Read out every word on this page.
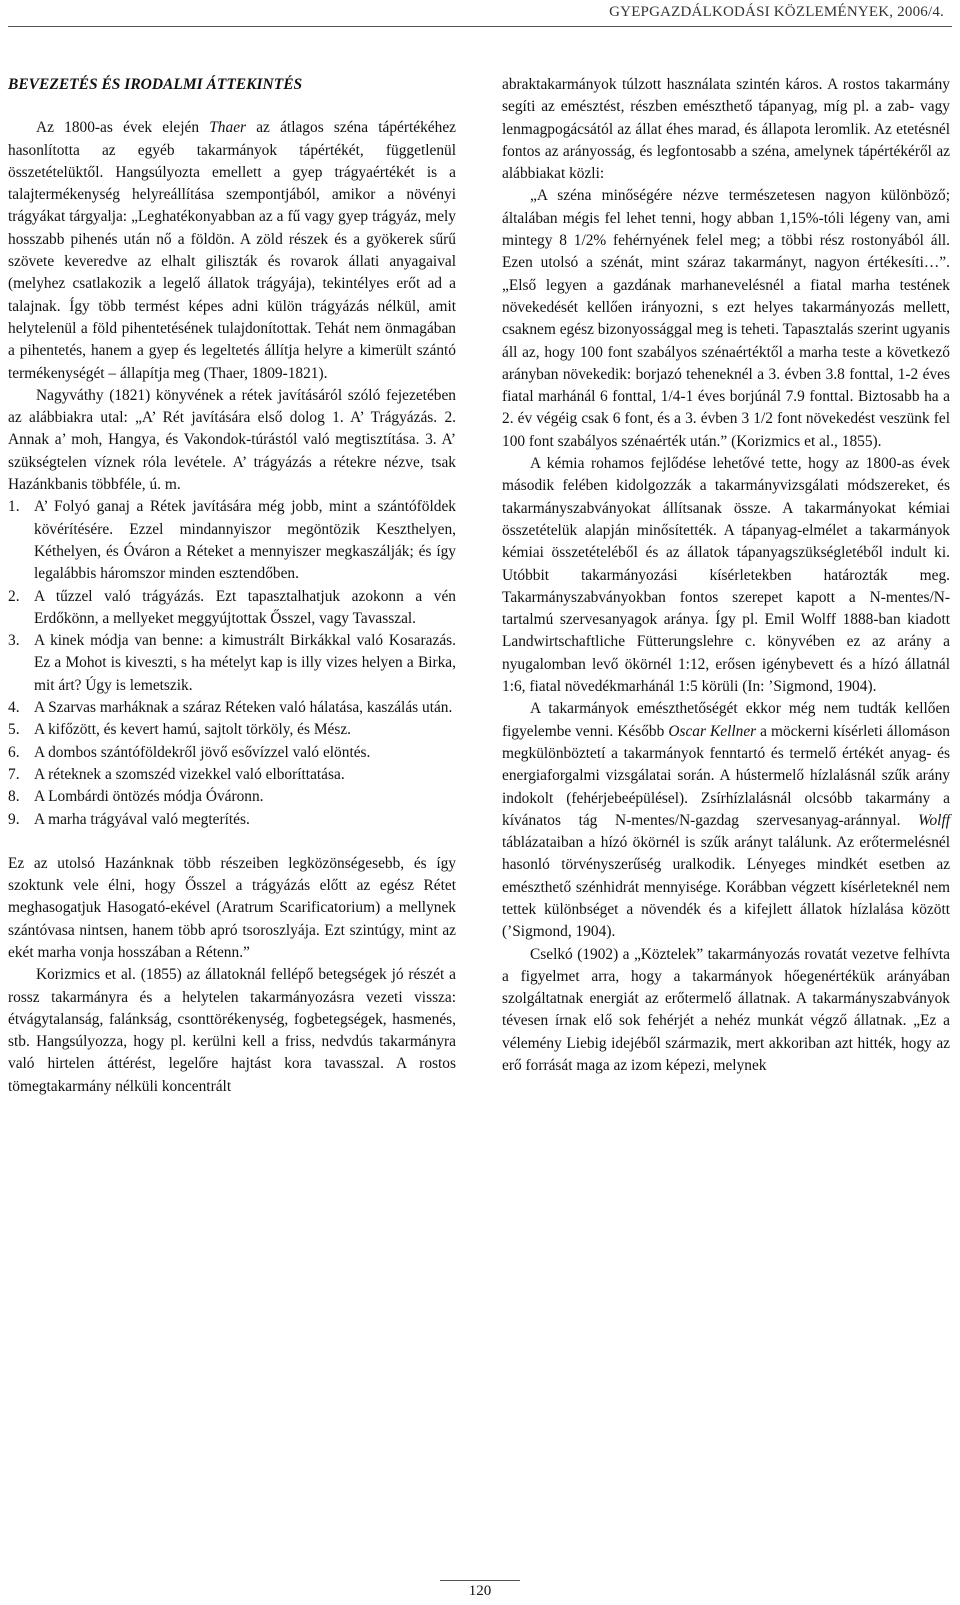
GYEPGAZDÁLKODÁSI KÖZLEMÉNYEK, 2006/4.
BEVEZETÉS ÉS IRODALMI ÁTTEKINTÉS

Az 1800-as évek elején Thaer az átlagos széna tápértékéhez hasonlította az egyéb takarmányok tápértékét, függetlenül összetételüktől. Hangsúlyozta emellett a gyep trágyaértékét is a talajtermékenység helyreállítása szempontjából, amikor a növényi trágyákat tárgyalja: „Leghatékonyabban az a fű vagy gyep trágyáz, mely hosszabb pihenés után nő a földön. A zöld részek és a gyökerek sűrű szövete keveredve az elhalt giliszták és rovarok állati anyagaival (melyhez csatlakozik a legelő állatok trágyája), tekintélyes erőt ad a talajnak. Így több termést képes adni külön trágyázás nélkül, amit helytelenül a föld pihentetésének tulajdonítottak. Tehát nem önmagában a pihentetés, hanem a gyep és legeltetés állítja helyre a kimerült szántó termékenységét – állapítja meg (Thaer, 1809-1821).

Nagyváthy (1821) könyvének a rétek javításáról szóló fejezetében az alábbiakra utal: „A’ Rét javítására első dolog 1. A’ Trágyázás. 2. Annak a’ moh, Hangya, és Vakondok-túrástól való megtisztítása. 3. A’ szükségtelen víznek róla levétele. A’ trágyázás a rétekre nézve, tsak Hazánkbanis többféle, ú. m.

1. A’ Folyó ganaj a Rétek javítására még jobb, mint a szántóföldek kövérítésére. Ezzel mindannyiszor megöntözik Keszthelyen, Kéthelyen, és Óváron a Réteket a mennyiszer megkaszálják; és így legalábbis háromszor minden esztendőben.
2. A tűzzel való trágyázás. Ezt tapasztalhatjuk azokonn a vén Erdőkönn, a mellyeket meggyújtottak Ősszel, vagy Tavasszal.
3. A kinek módja van benne: a kimustrált Birkákkal való Kosarazás. Ez a Mohot is kiveszti, s ha mételyt kap is illy vizes helyen a Birka, mit árt? Úgy is lemetszik.
4. A Szarvas marháknak a száraz Réteken való hálatása, kaszálás után.
5. A kifőzött, és kevert hamú, sajtolt törköly, és Mész.
6. A dombos szántóföldekről jövő esővízzel való elöntés.
7. A réteknek a szomszéd vizekkel való elboríttatása.
8. A Lombárdi öntözés módja Óváronn.
9. A marha trágyával való megterítés.

Ez az utolsó Hazánknak több részeiben legközönségesebb, és így szoktunk vele élni, hogy Ősszel a trágyázás előtt az egész Rétet meghasogatjuk Hasogató-ekével (Aratrum Scarificatorium) a mellynek szántóvasa nintsen, hanem több apró tsoroszlyája. Ezt szintúgy, mint az ekét marha vonja hosszában a Rétenn.”

Korizmics et al. (1855) az állatoknál fellépő betegségek jó részét a rossz takarmányra és a helytelen takarmányozásra vezeti vissza: étvágytalanság, falánkság, csonttörékenység, fogbetegségek, hasmenés, stb. Hangsúlyozza, hogy pl. kerülni kell a friss, nedvdús takarmányra való hirtelen áttérést, legelőre hajtást kora tavasszal. A rostos tömegtakarmány nélküli koncentrált

abraktakarmányok túlzott használata szintén káros. A rostos takarmány segíti az emésztést, részben emészthető tápanyag, míg pl. a zab- vagy lenmagpogácsától az állat éhes marad, és állapota leromlik. Az etetésnél fontos az arányosság, és legfontosabb a széna, amelynek tápértékéről az alábbiakat közli:

„A széna minőségére nézve természetesen nagyon különböző; általában mégis fel lehet tenni, hogy abban 1,15%-tóli légeny van, ami mintegy 8 1/2% fehérnyének felel meg; a többi rész rostonyából áll. Ezen utolsó a szénát, mint száraz takarmányt, nagyon értékesíti…”. „Első legyen a gazdának marhanevelésnél a fiatal marha testének növekedését kellően irányozni, s ezt helyes takarmányozás mellett, csaknem egész bizonyossággal meg is teheti. Tapasztalás szerint ugyanis áll az, hogy 100 font szabályos szénaértéktől a marha teste a következő arányban növekedik: borjazó teheneknél a 3. évben 3.8 fonttal, 1-2 éves fiatal marhánál 6 fonttal, 1/4-1 éves borjúnál 7.9 fonttal. Biztosabb ha a 2. év végéig csak 6 font, és a 3. évben 3 1/2 font növekedést veszünk fel 100 font szabályos szénaérték után.” (Korizmics et al., 1855).

A kémia rohamos fejlődése lehetővé tette, hogy az 1800-as évek második felében kidolgozzák a takarmányvizsgálati módszereket, és takarmányszabványokat állítsanak össze. A takarmányokat kémiai összetételük alapján minősítették. A tápanyag-elmélet a takarmányok kémiai összetételéből és az állatok tápanyagszükségletéből indult ki. Utóbbit takarmányozási kísérletekben határozták meg. Takarmányszabványokban fontos szerepet kapott a N-mentes/N-tartalmú szervesanyagok aránya. Így pl. Emil Wolff 1888-ban kiadott Landwirtschaftliche Fütterungslehre c. könyvében ez az arány a nyugalomban levő ökörnél 1:12, erősen igénybevett és a hízó állatnál 1:6, fiatal növedékmarhánál 1:5 körüli (In: ’Sigmond, 1904).

A takarmányok emészthetőségét ekkor még nem tudták kellően figyelembe venni. Később Oscar Kellner a möckerni kísérleti állomáson megkülönböztetí a takarmányok fenntartó és termelő értékét anyag- és energiaforgalmi vizsgálatai során. A hústermelő hízlalásnál szűk arány indokolt (fehérjebeépülésel). Zsírhízlalásnál olcsóbb takarmány a kívánatos tág N-mentes/N-gazdag szervesanyag-aránnyal. Wolff táblázataiban a hízó ökörnél is szűk arányt találunk. Az erőtermelésnél hasonló törvényszerűség uralkodik. Lényeges mindkét esetben az emészthető szénhidrát mennyisége. Korábban végzett kísérleteknél nem tettek különbséget a növendék és a kifejlett állatok hízlalása között (’Sigmond, 1904).

Cselkó (1902) a „Köztelek” takarmányozás rovatát vezetve felhívta a figyelmet arra, hogy a takarmányok hőegenértékük arányában szolgáltatnak energiát az erőtermelő állatnak. A takarmányszabványok tévesen írnak elő sok fehérjét a nehéz munkát végző állatnak. „Ez a vélemény Liebig idejéből származik, mert akkoriban azt hitték, hogy az erő forrását maga az izom képezi, melynek

120
